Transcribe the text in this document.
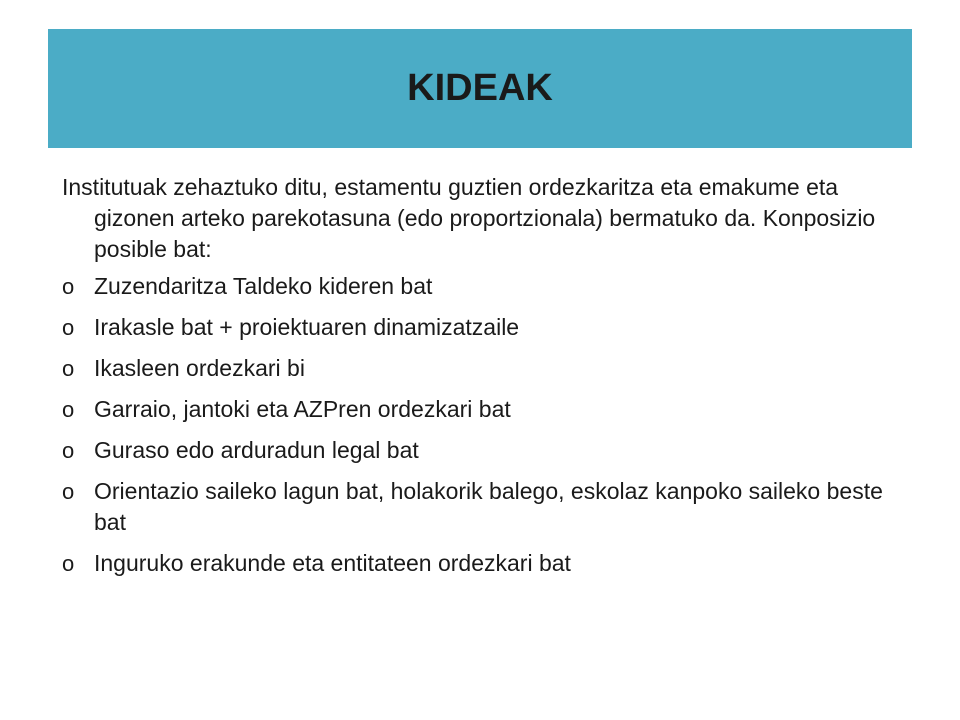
KIDEAK

Institutuak zehaztuko ditu, estamentu guztien ordezkaritza eta emakume eta gizonen arteko parekotasuna (edo proportzionala) bermatuko da. Konposizio posible bat:

o Zuzendaritza Taldeko kideren bat
o Irakasle bat + proiektuaren dinamizatzaile
o Ikasleen ordezkari bi
o Garraio, jantoki eta AZPren ordezkari bat
o Guraso edo arduradun legal bat
o Orientazio saileko lagun bat, holakorik balego, eskolaz kanpoko saileko beste bat
o Inguruko erakunde eta entitateen ordezkari bat
